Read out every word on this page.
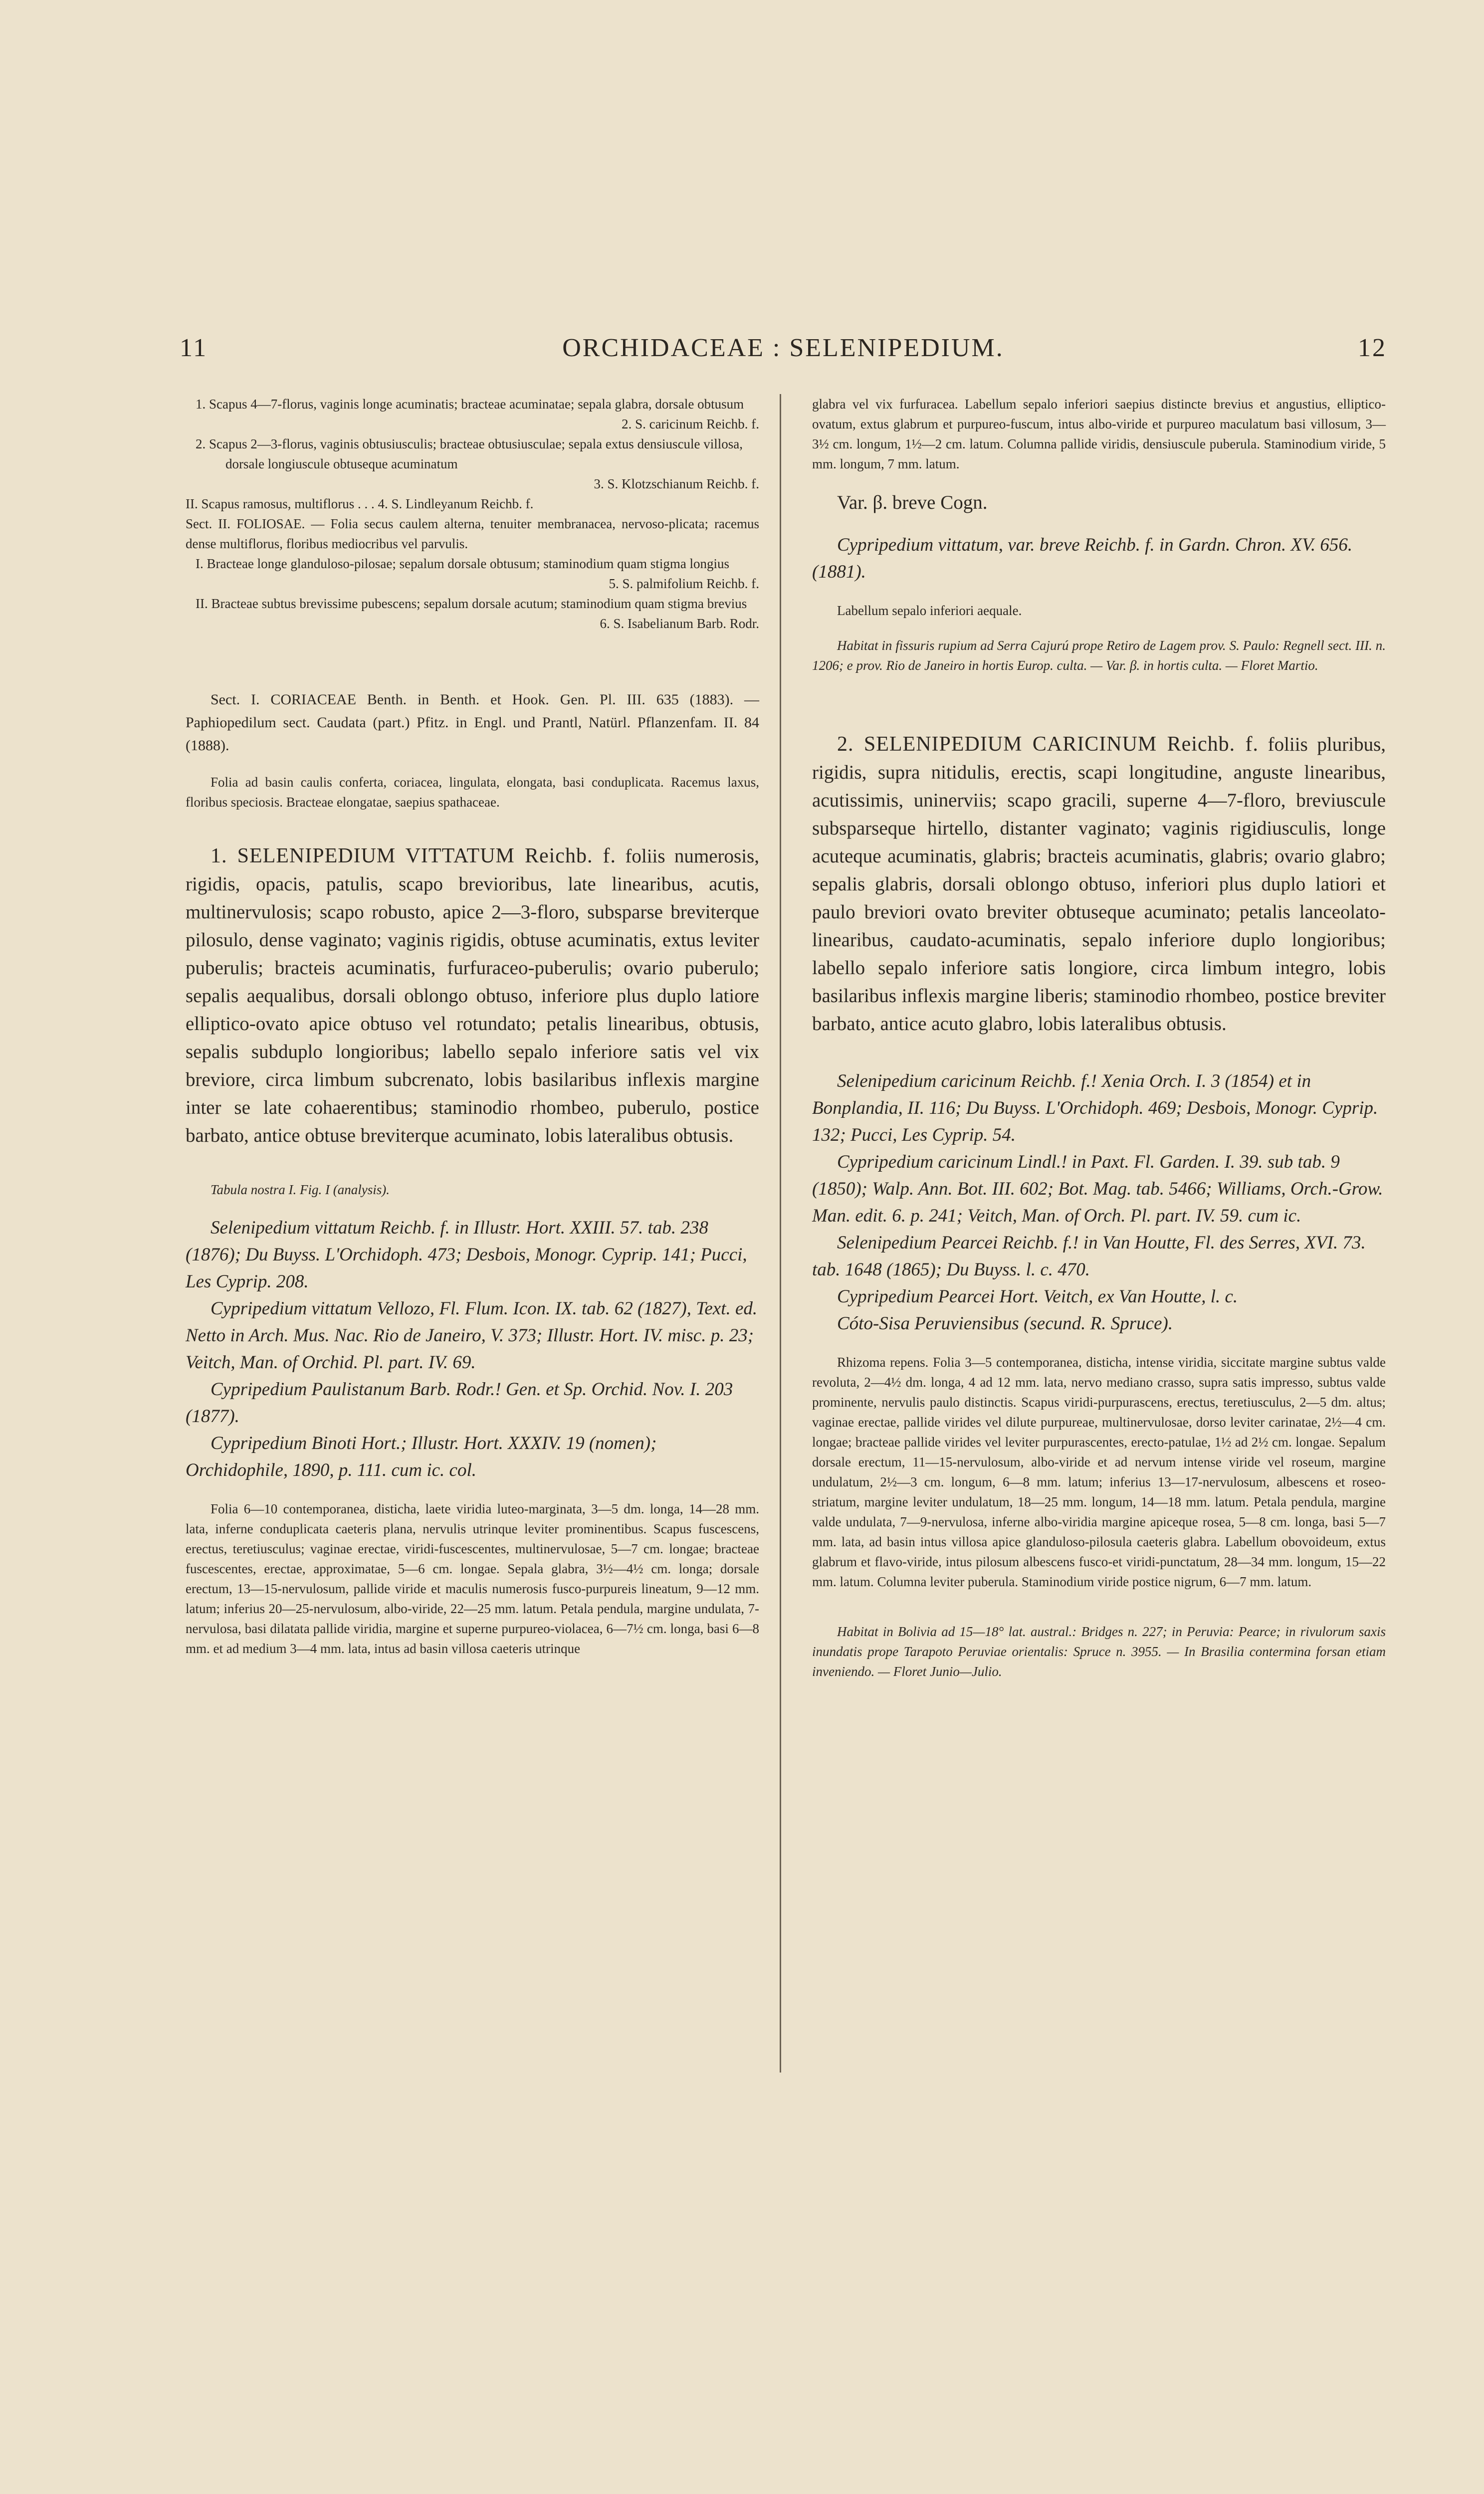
11	ORCHIDACEAE : SELENIPEDIUM.	12

1. Scapus 4—7-florus, vaginis longe acuminatis; bracteae acuminatae; sepala glabra, dorsale obtusum

2. S. caricinum Reichb. f.

2. Scapus 2—3-florus, vaginis obtusiusculis; bracteae obtusiusculae; sepala extus densiuscule villosa, dorsale longiuscule obtuseque acuminatum

3. S. Klotzschianum Reichb. f.

II. Scapus ramosus, multiflorus . . . 4. S. Lindleyanum Reichb. f.

Sect. II. FOLIOSAE. — Folia secus caulem alterna, tenuiter membranacea, nervoso-plicata; racemus dense multiflorus, floribus mediocribus vel parvulis.

I. Bracteae longe glanduloso-pilosae; sepalum dorsale obtusum; staminodium quam stigma longius

5. S. palmifolium Reichb. f.

II. Bracteae subtus brevissime pubescens; sepalum dorsale acutum; staminodium quam stigma brevius

6. S. Isabelianum Barb. Rodr.

Sect. I. CORIACEAE Benth. in Benth. et Hook. Gen. Pl. III. 635 (1883). — Paphiopedilum sect. Caudata (part.) Pfitz. in Engl. und Prantl, Natürl. Pflanzenfam. II. 84 (1888).

Folia ad basin caulis conferta, coriacea, lingulata, elongata, basi conduplicata. Racemus laxus, floribus speciosis. Bracteae elongatae, saepius spathaceae.

1. SELENIPEDIUM VITTATUM Reichb. f. foliis numerosis, rigidis, opacis, patulis, scapo brevioribus, late linearibus, acutis, multinervulosis; scapo robusto, apice 2—3-floro, subsparse breviterque pilosulo, dense vaginato; vaginis rigidis, obtuse acuminatis, extus leviter puberulis; bracteis acuminatis, furfuraceo-puberulis; ovario puberulo; sepalis aequalibus, dorsali oblongo obtuso, inferiore plus duplo latiore elliptico-ovato apice obtuso vel rotundato; petalis linearibus, obtusis, sepalis subduplo longioribus; labello sepalo inferiore satis vel vix breviore, circa limbum subcrenato, lobis basilaribus inflexis margine inter se late cohaerentibus; staminodio rhombeo, puberulo, postice barbato, antice obtuse breviterque acuminato, lobis lateralibus obtusis.

Tabula nostra I. Fig. I (analysis).

Selenipedium vittatum Reichb. f. in Illustr. Hort. XXIII. 57. tab. 238 (1876); Du Buyss. L'Orchidoph. 473; Desbois, Monogr. Cyprip. 141; Pucci, Les Cyprip. 208.

Cypripedium vittatum Vellozo, Fl. Flum. Icon. IX. tab. 62 (1827), Text. ed. Netto in Arch. Mus. Nac. Rio de Janeiro, V. 373; Illustr. Hort. IV. misc. p. 23; Veitch, Man. of Orchid. Pl. part. IV. 69.

Cypripedium Paulistanum Barb. Rodr.! Gen. et Sp. Orchid. Nov. I. 203 (1877).

Cypripedium Binoti Hort.; Illustr. Hort. XXXIV. 19 (nomen); Orchidophile, 1890, p. 111. cum ic. col.

Folia 6—10 contemporanea, disticha, laete viridia luteo-marginata, 3—5 dm. longa, 14—28 mm. lata, inferne conduplicata caeteris plana, nervulis utrinque leviter prominentibus. Scapus fuscescens, erectus, teretiusculus; vaginae erectae, viridi-fuscescentes, multinervulosae, 5—7 cm. longae; bracteae fuscescentes, erectae, approximatae, 5—6 cm. longae. Sepala glabra, 3½—4½ cm. longa; dorsale erectum, 13—15-nervulosum, pallide viride et maculis numerosis fusco-purpureis lineatum, 9—12 mm. latum; inferius 20—25-nervulosum, albo-viride, 22—25 mm. latum. Petala pendula, margine undulata, 7-nervulosa, basi dilatata pallide viridia, margine et superne purpureo-violacea, 6—7½ cm. longa, basi 6—8 mm. et ad medium 3—4 mm. lata, intus ad basin villosa caeteris utrinque

glabra vel vix furfuracea. Labellum sepalo inferiori saepius distincte brevius et angustius, elliptico-ovatum, extus glabrum et purpureo-fuscum, intus albo-viride et purpureo maculatum basi villosum, 3—3½ cm. longum, 1½—2 cm. latum. Columna pallide viridis, densiuscule puberula. Staminodium viride, 5 mm. longum, 7 mm. latum.

Var. β. breve Cogn.

Cypripedium vittatum, var. breve Reichb. f. in Gardn. Chron. XV. 656. (1881).

Labellum sepalo inferiori aequale.

Habitat in fissuris rupium ad Serra Cajurú prope Retiro de Lagem prov. S. Paulo: Regnell sect. III. n. 1206; e prov. Rio de Janeiro in hortis Europ. culta. — Var. β. in hortis culta. — Floret Martio.

2. SELENIPEDIUM CARICINUM Reichb. f. foliis pluribus, rigidis, supra nitidulis, erectis, scapi longitudine, anguste linearibus, acutissimis, uninerviis; scapo gracili, superne 4—7-floro, breviuscule subsparseque hirtello, distanter vaginato; vaginis rigidiusculis, longe acuteque acuminatis, glabris; bracteis acuminatis, glabris; ovario glabro; sepalis glabris, dorsali oblongo obtuso, inferiori plus duplo latiori et paulo breviori ovato breviter obtuseque acuminato; petalis lanceolato-linearibus, caudato-acuminatis, sepalo inferiore duplo longioribus; labello sepalo inferiore satis longiore, circa limbum integro, lobis basilaribus inflexis margine liberis; staminodio rhombeo, postice breviter barbato, antice acuto glabro, lobis lateralibus obtusis.

Selenipedium caricinum Reichb. f.! Xenia Orch. I. 3 (1854) et in Bonplandia, II. 116; Du Buyss. L'Orchidoph. 469; Desbois, Monogr. Cyprip. 132; Pucci, Les Cyprip. 54.

Cypripedium caricinum Lindl.! in Paxt. Fl. Garden. I. 39. sub tab. 9 (1850); Walp. Ann. Bot. III. 602; Bot. Mag. tab. 5466; Williams, Orch.-Grow. Man. edit. 6. p. 241; Veitch, Man. of Orch. Pl. part. IV. 59. cum ic.

Selenipedium Pearcei Reichb. f.! in Van Houtte, Fl. des Serres, XVI. 73. tab. 1648 (1865); Du Buyss. l. c. 470.

Cypripedium Pearcei Hort. Veitch, ex Van Houtte, l. c.

Cóto-Sisa Peruviensibus (secund. R. Spruce).

Rhizoma repens. Folia 3—5 contemporanea, disticha, intense viridia, siccitate margine subtus valde revoluta, 2—4½ dm. longa, 4 ad 12 mm. lata, nervo mediano crasso, supra satis impresso, subtus valde prominente, nervulis paulo distinctis. Scapus viridi-purpurascens, erectus, teretiusculus, 2—5 dm. altus; vaginae erectae, pallide virides vel dilute purpureae, multinervulosae, dorso leviter carinatae, 2½—4 cm. longae; bracteae pallide virides vel leviter purpurascentes, erecto-patulae, 1½ ad 2½ cm. longae. Sepalum dorsale erectum, 11—15-nervulosum, albo-viride et ad nervum intense viride vel roseum, margine undulatum, 2½—3 cm. longum, 6—8 mm. latum; inferius 13—17-nervulosum, albescens et roseo-striatum, margine leviter undulatum, 18—25 mm. longum, 14—18 mm. latum. Petala pendula, margine valde undulata, 7—9-nervulosa, inferne albo-viridia margine apiceque rosea, 5—8 cm. longa, basi 5—7 mm. lata, ad basin intus villosa apice glanduloso-pilosula caeteris glabra. Labellum obovoideum, extus glabrum et flavo-viride, intus pilosum albescens fusco-et viridi-punctatum, 28—34 mm. longum, 15—22 mm. latum. Columna leviter puberula. Staminodium viride postice nigrum, 6—7 mm. latum.

Habitat in Bolivia ad 15—18° lat. austral.: Bridges n. 227; in Peruvia: Pearce; in rivulorum saxis inundatis prope Tarapoto Peruviae orientalis: Spruce n. 3955. — In Brasilia contermina forsan etiam inveniendo. — Floret Junio—Julio.
